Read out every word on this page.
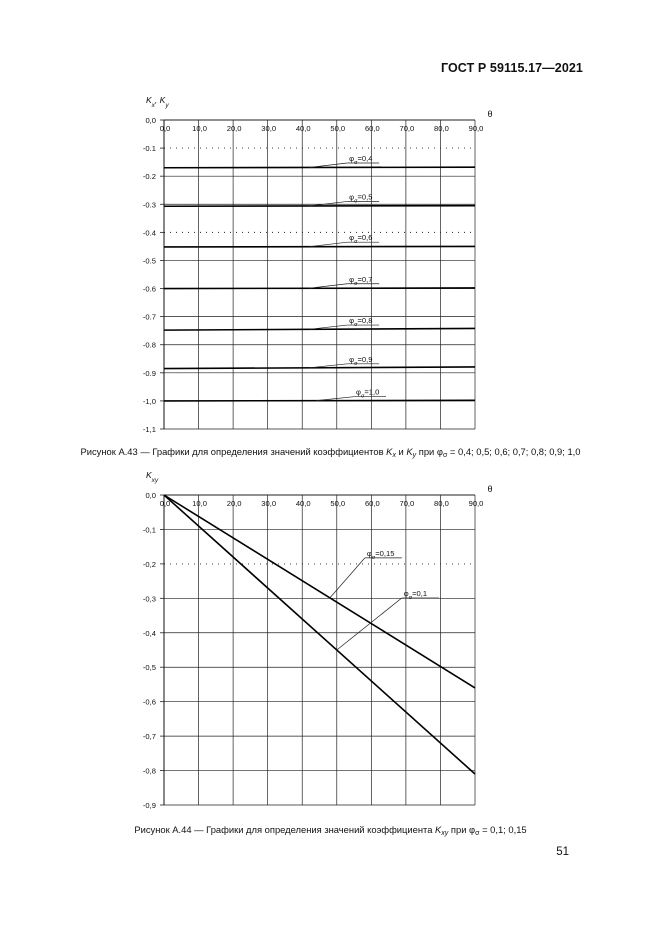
ГОСТ Р 59115.17—2021
0,0
-0.1
-0.2
-0.3
-0.4
-0.5
-0.6
-0.7
-0.8
-0.9
-1,0
-1,1
0,0	10,0	20,0	30,0	40,0	50,0	60,0	70,0	80,0	90,0
θ
$K_x$, $K_y$
$\varphi_\sigma=0,4$
$\varphi_\sigma=0,5$
$\varphi_\sigma=0,6$
$\varphi_\sigma=0,7$
$\varphi_\sigma=0,8$
$\varphi_\sigma=0,9$
$\varphi_\sigma=1,0$
Рисунок А.43 — Графики для определения значений коэффициентов $K_x$ и $K_y$ при $\varphi_\sigma = 0,4$; 0,5; 0,6; 0,7; 0,8; 0,9; 1,0
0,0
-0,1
-0,2
-0,3
-0,4
-0,5
-0,6
-0,7
-0,8
-0,9
0,0	10,0	20,0	30,0	40,0	50,0	60,0	70,0	80,0	90,0
θ
$K_{xy}$
$\varphi_\sigma=0,15$
$\varphi_\sigma=0,1$
Рисунок А.44 — Графики для определения значений коэффициента $K_{xy}$ при $\varphi_\sigma = 0,1$; 0,15
51
